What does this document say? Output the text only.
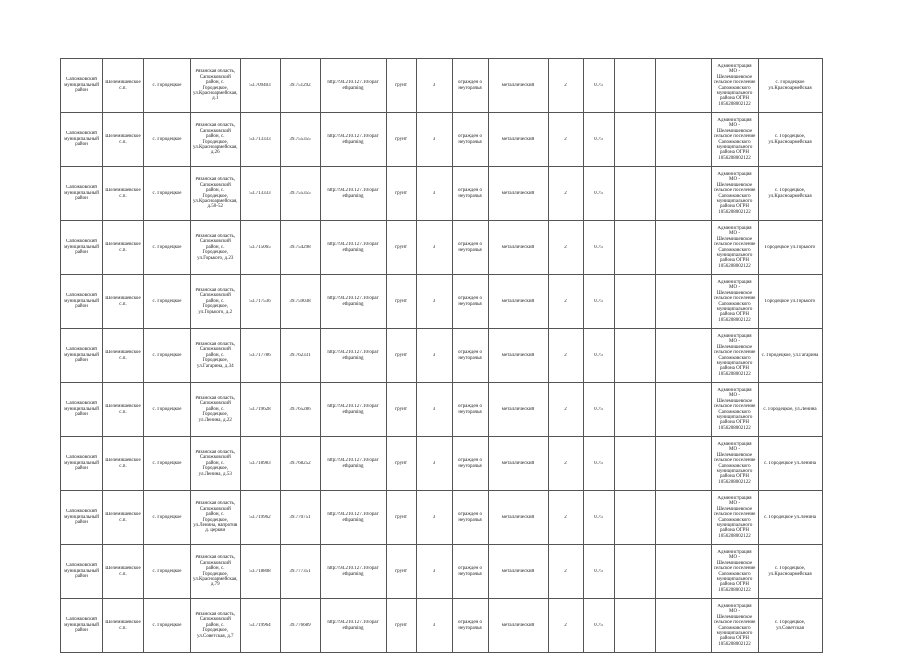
Сапожковский муниципальный район	Шелемишевское с.п.	с. Городецкое	Рязанская область, Сапожковский район, с. Городецкое, ул.Красноармейская, д.1	53.709403	39.751292	http://94.210.127.10/ораг ethpaming	грунт	3	огражден о неугорачья	металлический	2	0.75			Администрация МО - Шелемишевское сельское поселение Сапожковского муниципального района ОГРН 1056208002122	с. Городецкое ул.Красноармейская

Сапожковский муниципальный район	Шелемишевское с.п.	с. Городецкое	Рязанская область, Сапожковский район, с. Городецкое, ул.Красноармейская, д.26	53.713333	39.755355	http://94.210.127.10/ораг ethpaming	грунт	3	огражден о неугорачья	металлический	2	0.75			Администрация МО - Шелемишевское сельское поселение Сапожковского муниципального района ОГРН 1056208002122	с. Городецкое, ул.Красноармейская

Сапожковский муниципальный район	Шелемишевское с.п.	с. Городецкое	Рязанская область, Сапожковский район, с. Городецкое, ул.Красноармейская, д.50-52	53.713333	39.755355	http://94.210.127.10/ораг ethpaming	грунт	3	огражден о неугорачья	металлический	2	0.75			Администрация МО - Шелемишевское сельское поселение Сапожковского муниципального района ОГРН 1056208002122	с. Городецкое, ул.Красноармейская

Сапожковский муниципальный район	Шелемишевское с.п.	с. Городецкое	Рязанская область, Сапожковский район, с. Городецкое, ул.Горького, д.23	53.715065	39.754298	http://94.210.127.10/ораг ethpaming	грунт	3	огражден о неугорачья	металлический	2	0.75			Администрация МО - Шелемишевское сельское поселение Сапожковского муниципального района ОГРН 1056208002122	Городецкое ул.Горького

Сапожковский муниципальный район	Шелемишевское с.п.	с. Городецкое	Рязанская область, Сапожковский район, с. Городецкое, ул.Горького, д.2	53.717536	39.759038	http://94.210.127.10/ораг ethpaming	грунт	3	огражден о неугорачья	металлический	2	0.75			Администрация МО - Шелемишевское сельское поселение Сапожковского муниципального района ОГРН 1056208002122	Городецкое ул.Горького

Сапожковский муниципальный район	Шелемишевское с.п.	с. Городецкое	Рязанская область, Сапожковский район, с. Городецкое, ул.Гагарина, д.34	53.717786	39.762331	http://94.210.127.10/ораг ethpaming	грунт	3	огражден о неугорачья	металлический	2	0.75			Администрация МО - Шелемишевское сельское поселение Сапожковского муниципального района ОГРН 1056208002122	с. Городецкое, ул.Гагарина

Сапожковский муниципальный район	Шелемишевское с.п.	с. Городецкое	Рязанская область, Сапожковский район, с. Городецкое, ул.Ленина, д.22	53.719628	39.765286	http://94.210.127.10/ораг ethpaming	грунт	3	огражден о неугорачья	металлический	2	0.75			Администрация МО - Шелемишевское сельское поселение Сапожковского муниципального района ОГРН 1056208002122	с. Городецкое, ул.Ленина

Сапожковский муниципальный район	Шелемишевское с.п.	с. Городецкое	Рязанская область, Сапожковский район, с. Городецкое, ул.Ленина, д.53	53.718983	39.768252	http://94.210.127.10/ораг ethpaming	грунт	3	огражден о неугорачья	металлический	2	0.75			Администрация МО - Шелемишевское сельское поселение Сапожковского муниципального района ОГРН 1056208002122	с. Городецкое ул.Ленина

Сапожковский муниципальный район	Шелемишевское с.п.	с. Городецкое	Рязанская область, Сапожковский район, с. Городецкое, ул.Ленина, напротив д. церкви	53.719962	39.770751	http://94.210.127.10/ораг ethpaming	грунт	3	огражден о неугорачья	металлический	2	0.75			Администрация МО - Шелемишевское сельское поселение Сапожковского муниципального района ОГРН 1056208002122	с. Городецкое ул.Ленина

Сапожковский муниципальный район	Шелемишевское с.п.	с. Городецкое	Рязанская область, Сапожковский район, с. Городецкое, ул.Красноармейская, д.79	53.718808	39.777351	http://94.210.127.10/ораг ethpaming	грунт	3	огражден о неугорачья	металлический	2	0.75			Администрация МО - Шелемишевское сельское поселение Сапожковского муниципального района ОГРН 1056208002122	с. Городецкое, ул.Красноармейская

Сапожковский муниципальный район	Шелемишевское с.п.	с. Городецкое	Рязанская область, Сапожковский район, с. Городецкое, ул.Советская, д.7	53.719964	39.776689	http://94.210.127.10/ораг ethpaming	грунт	3	огражден о неугорачья	металлический	2	0.75			Администрация МО - Шелемишевское сельское поселение Сапожковского муниципального района ОГРН 1056208002122	с. Городецкое, ул.Советская
